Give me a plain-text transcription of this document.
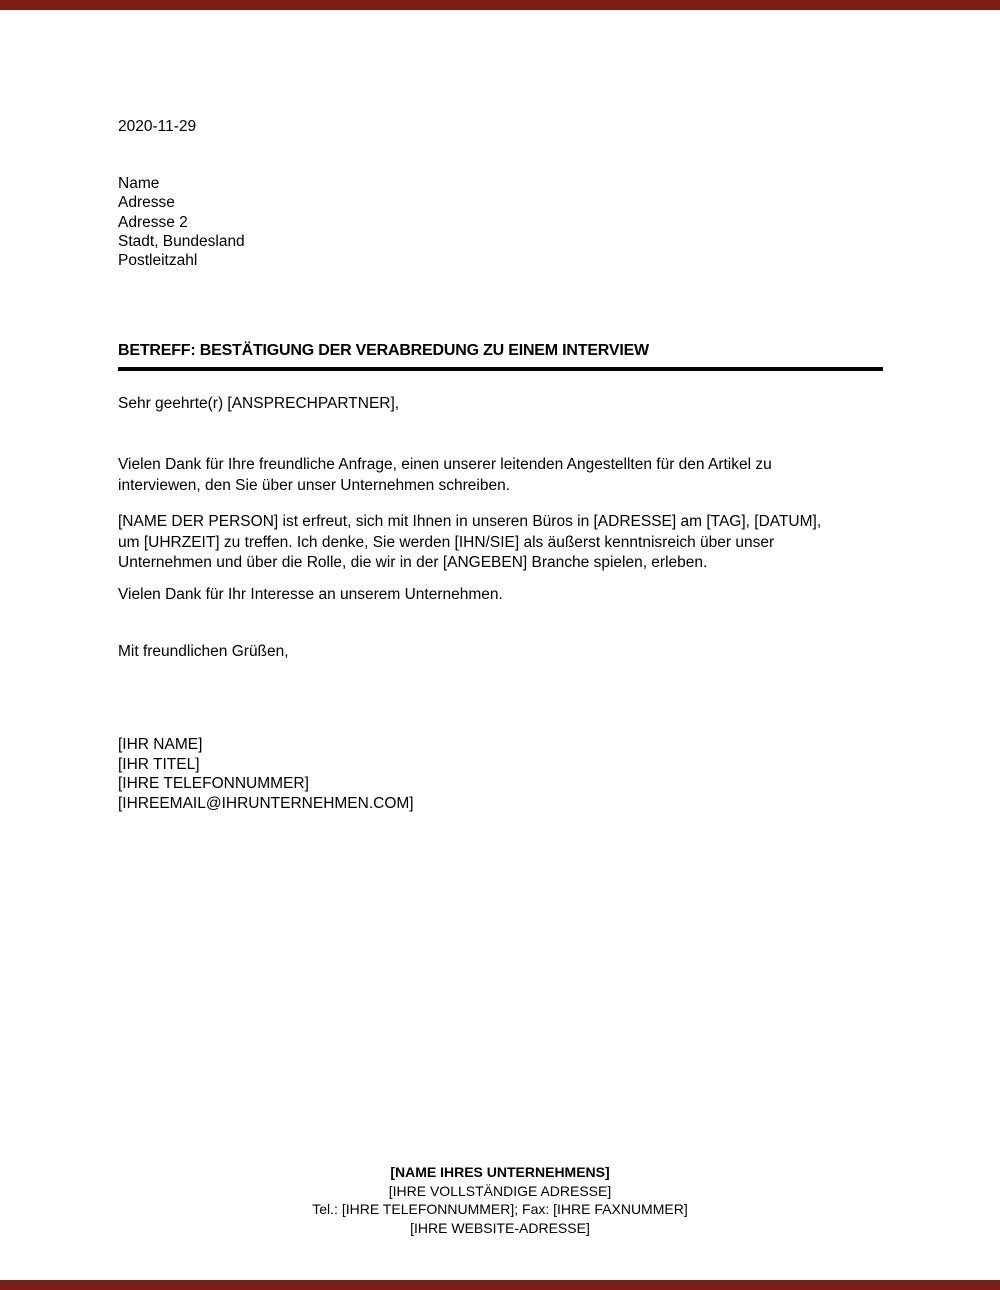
2020-11-29
Name
Adresse
Adresse 2
Stadt, Bundesland
Postleitzahl
BETREFF: BESTÄTIGUNG DER VERABREDUNG ZU EINEM INTERVIEW
Sehr geehrte(r) [ANSPRECHPARTNER],
Vielen Dank für Ihre freundliche Anfrage, einen unserer leitenden Angestellten für den Artikel zu
interviewen, den Sie über unser Unternehmen schreiben.
[NAME DER PERSON] ist erfreut, sich mit Ihnen in unseren Büros in [ADRESSE] am [TAG], [DATUM],
um [UHRZEIT] zu treffen. Ich denke, Sie werden [IHN/SIE] als äußerst kenntnisreich über unser
Unternehmen und über die Rolle, die wir in der [ANGEBEN] Branche spielen, erleben.
Vielen Dank für Ihr Interesse an unserem Unternehmen.
Mit freundlichen Grüßen,
[IHR NAME]
[IHR TITEL]
[IHRE TELEFONNUMMER]
[IHREEMAIL@IHRUNTERNEHMEN.COM]
[NAME IHRES UNTERNEHMENS]
[IHRE VOLLSTÄNDIGE ADRESSE]
Tel.: [IHRE TELEFONNUMMER]; Fax: [IHRE FAXNUMMER]
[IHRE WEBSITE-ADRESSE]
